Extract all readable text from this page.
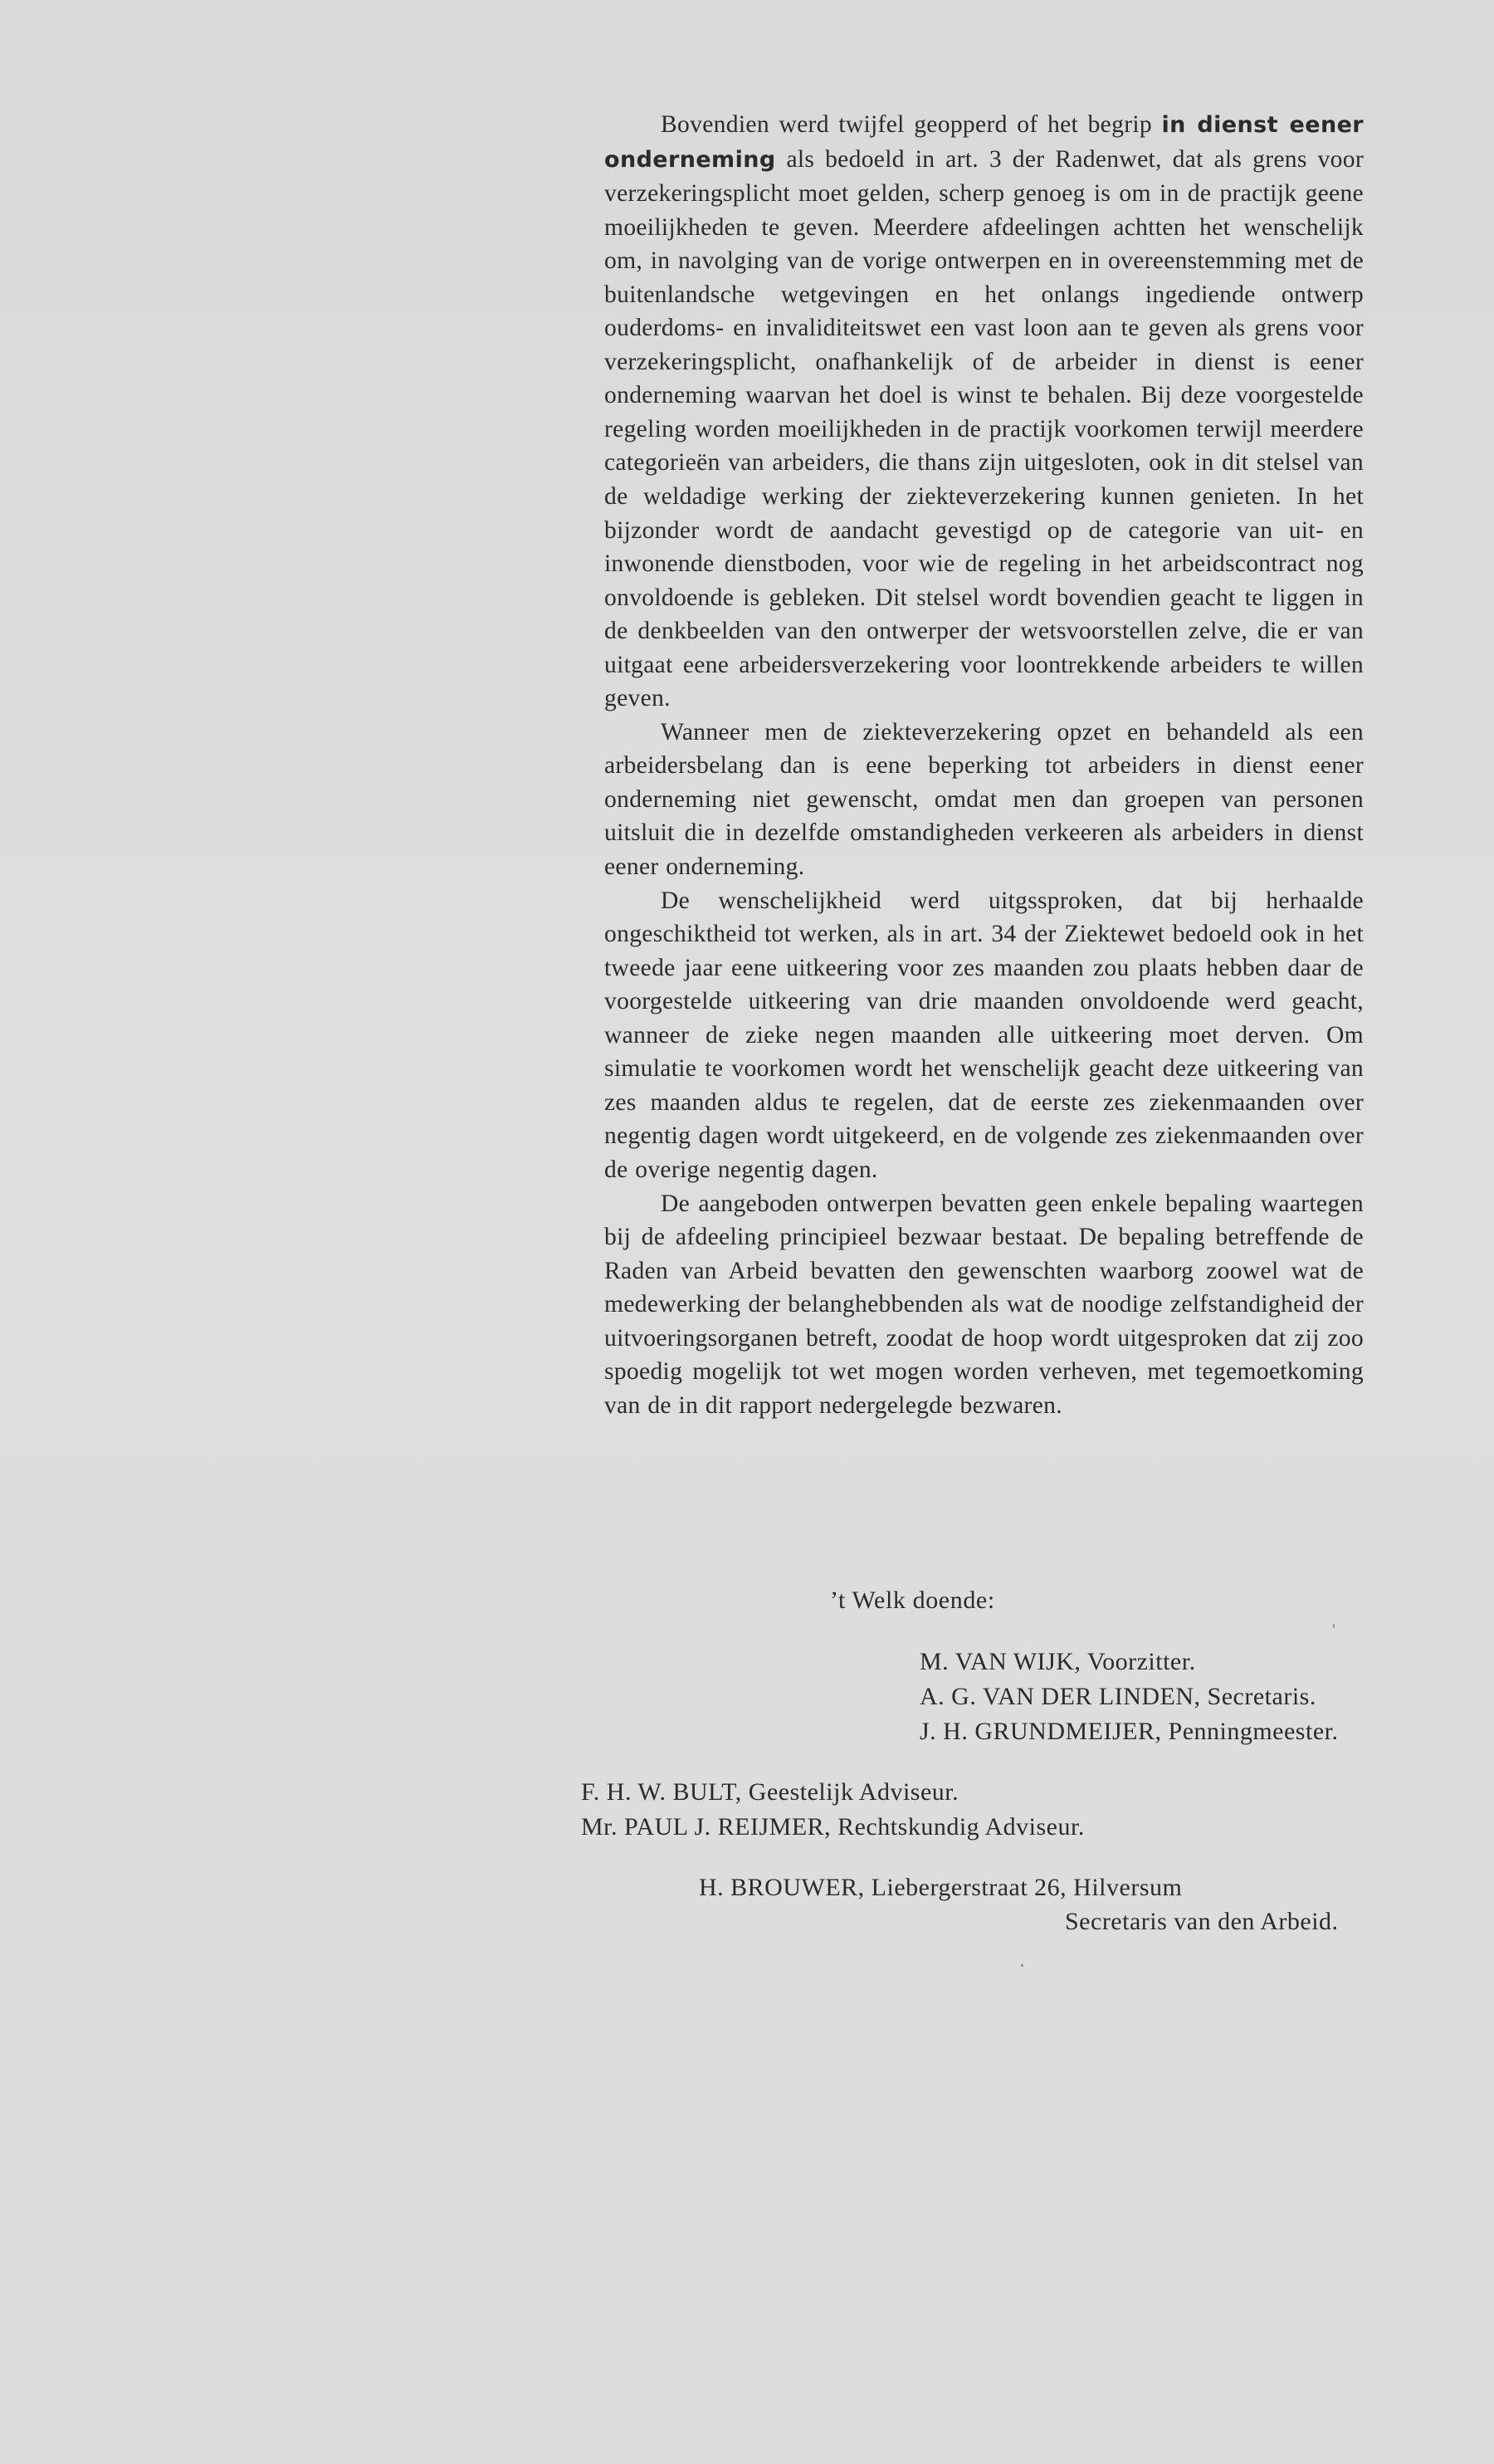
Bovendien werd twijfel geopperd of het begrip in dienst eener onderneming als bedoeld in art. 3 der Radenwet, dat als grens voor verzekeringsplicht moet gelden, scherp genoeg is om in de practijk geene moeilijkheden te geven. Meerdere afdeelingen achtten het wenschelijk om, in navolging van de vorige ontwerpen en in overeenstemming met de buitenlandsche wetgevingen en het onlangs ingediende ontwerp ouderdoms- en invaliditeitswet een vast loon aan te geven als grens voor verzekeringsplicht, onafhankelijk of de arbeider in dienst is eener onderneming waarvan het doel is winst te behalen. Bij deze voorgestelde regeling worden moeilijkheden in de practijk voorkomen terwijl meerdere categorieën van arbeiders, die thans zijn uitgesloten, ook in dit stelsel van de weldadige werking der ziekteverzekering kunnen genieten. In het bijzonder wordt de aandacht gevestigd op de categorie van uit- en inwonende dienstboden, voor wie de regeling in het arbeidscontract nog onvoldoende is gebleken. Dit stelsel wordt bovendien geacht te liggen in de denkbeelden van den ontwerper der wetsvoorstellen zelve, die er van uitgaat eene arbeidersverzekering voor loontrekkende arbeiders te willen geven.

Wanneer men de ziekteverzekering opzet en behandeld als een arbeidersbelang dan is eene beperking tot arbeiders in dienst eener onderneming niet gewenscht, omdat men dan groepen van personen uitsluit die in dezelfde omstandigheden verkeeren als arbeiders in dienst eener onderneming.

De wenschelijkheid werd uitgssproken, dat bij herhaalde ongeschiktheid tot werken, als in art. 34 der Ziektewet bedoeld ook in het tweede jaar eene uitkeering voor zes maanden zou plaats hebben daar de voorgestelde uitkeering van drie maanden onvoldoende werd geacht, wanneer de zieke negen maanden alle uitkeering moet derven. Om simulatie te voorkomen wordt het wenschelijk geacht deze uitkeering van zes maanden aldus te regelen, dat de eerste zes ziekenmaanden over negentig dagen wordt uitgekeerd, en de volgende zes ziekenmaanden over de overige negentig dagen.

De aangeboden ontwerpen bevatten geen enkele bepaling waartegen bij de afdeeling principieel bezwaar bestaat. De bepaling betreffende de Raden van Arbeid bevatten den gewenschten waarborg zoowel wat de medewerking der belanghebbenden als wat de noodige zelfstandigheid der uitvoeringsorganen betreft, zoodat de hoop wordt uitgesproken dat zij zoo spoedig mogelijk tot wet mogen worden verheven, met tegemoetkoming van de in dit rapport nedergelegde bezwaren.

’t Welk doende:

M. VAN WIJK, Voorzitter.

A. G. VAN DER LINDEN, Secretaris.

J. H. GRUNDMEIJER, Penningmeester.

F. H. W. BULT, Geestelijk Adviseur.

Mr. PAUL J. REIJMER, Rechtskundig Adviseur.

H. BROUWER, Liebergerstraat 26, Hilversum

Secretaris van den Arbeid.
